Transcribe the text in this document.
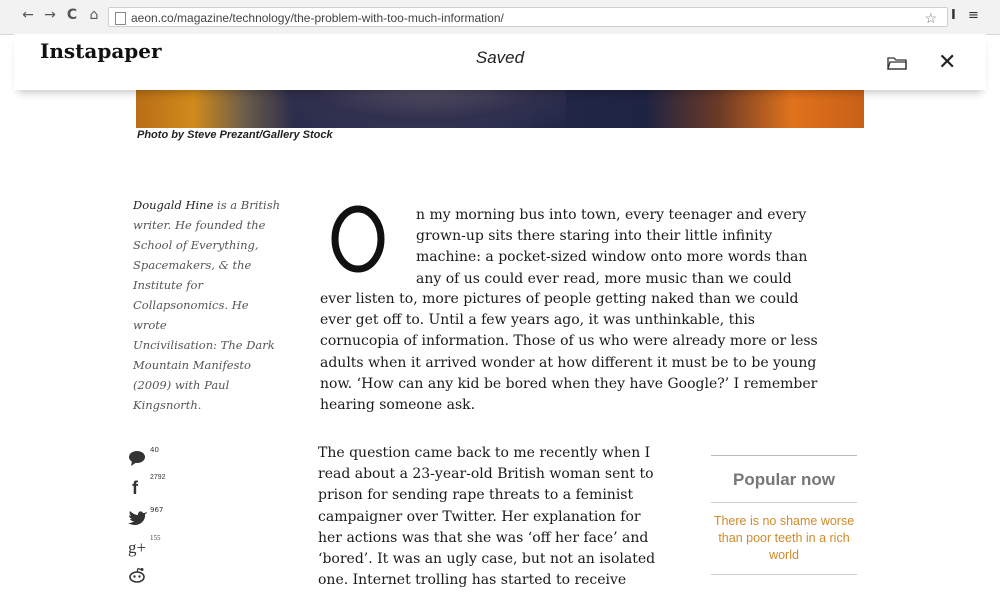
← → C ⌂	aeon.co/magazine/technology/the-problem-with-too-much-information/	☆ I ≡
Photo by Steve Prezant/Gallery Stock
Instapaper	Saved	✕
Dougald Hine is a British
writer. He founded the
School of Everything,
Spacemakers, & the
Institute for
Collapsonomics. He wrote
Uncivilisation: The Dark
Mountain Manifesto
(2009) with Paul
Kingsnorth.
n my morning bus into town, every teenager and every
grown-up sits there staring into their little infinity
machine: a pocket-sized window onto more words than
any of us could ever read, more music than we could
ever listen to, more pictures of people getting naked than we could
ever get off to. Until a few years ago, it was unthinkable, this
cornucopia of information. Those of us who were already more or less
adults when it arrived wonder at how different it must be to be young
now. ‘How can any kid be bored when they have Google?’ I remember
hearing someone ask.
The question came back to me recently when I
read about a 23-year-old British woman sent to
prison for sending rape threats to a feminist
campaigner over Twitter. Her explanation for
her actions was that she was ‘off her face’ and
‘bored’. It was an ugly case, but not an isolated
one. Internet trolling has started to receive
40
f
2792
967
g+ 155
Popular now
There is no shame worse than poor teeth in a rich world
